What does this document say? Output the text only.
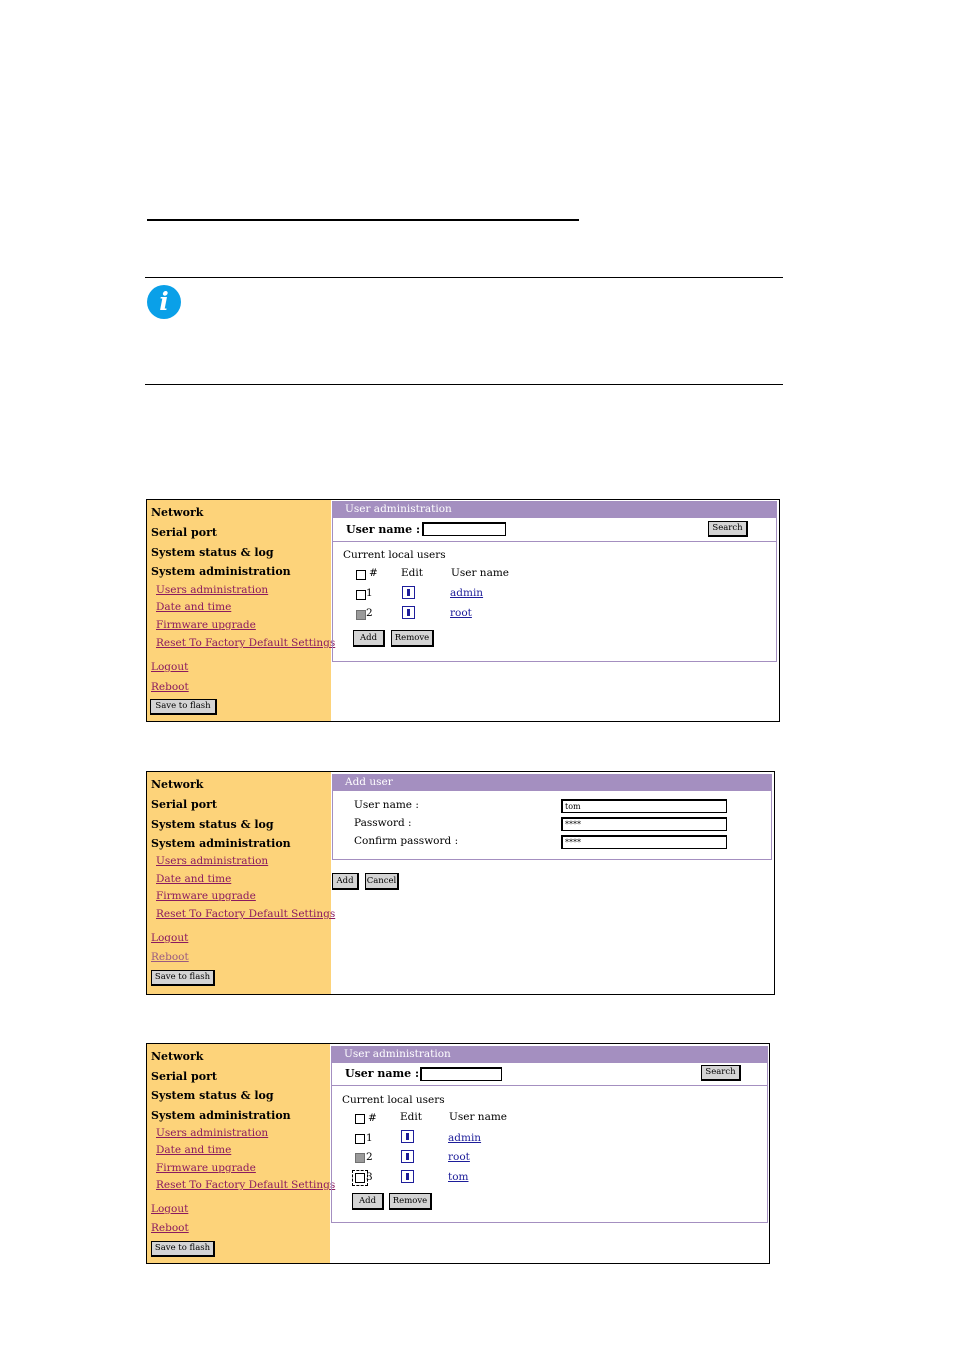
i
Network
Serial port
System status & log
System administration
Users administration
Date and time
Firmware upgrade
Reset To Factory Default Settings
Logout
Reboot
Save to flash
User administration
User name :	Search
Current local users
# Edit	User name
1	admin
2	root
Add	Remove
Network
Serial port
System status & log
System administration
Users administration
Date and time
Firmware upgrade
Reset To Factory Default Settings
Logout
Reboot
Save to flash
Add user
User name :	tom
Password :	****
Confirm password :	****
Add	Cancel
Network
Serial port
System status & log
System administration
Users administration
Date and time
Firmware upgrade
Reset To Factory Default Settings
Logout
Reboot
Save to flash
User administration
User name :	Search
Current local users
# Edit	User name
1	admin
2	root
3	tom
Add	Remove
